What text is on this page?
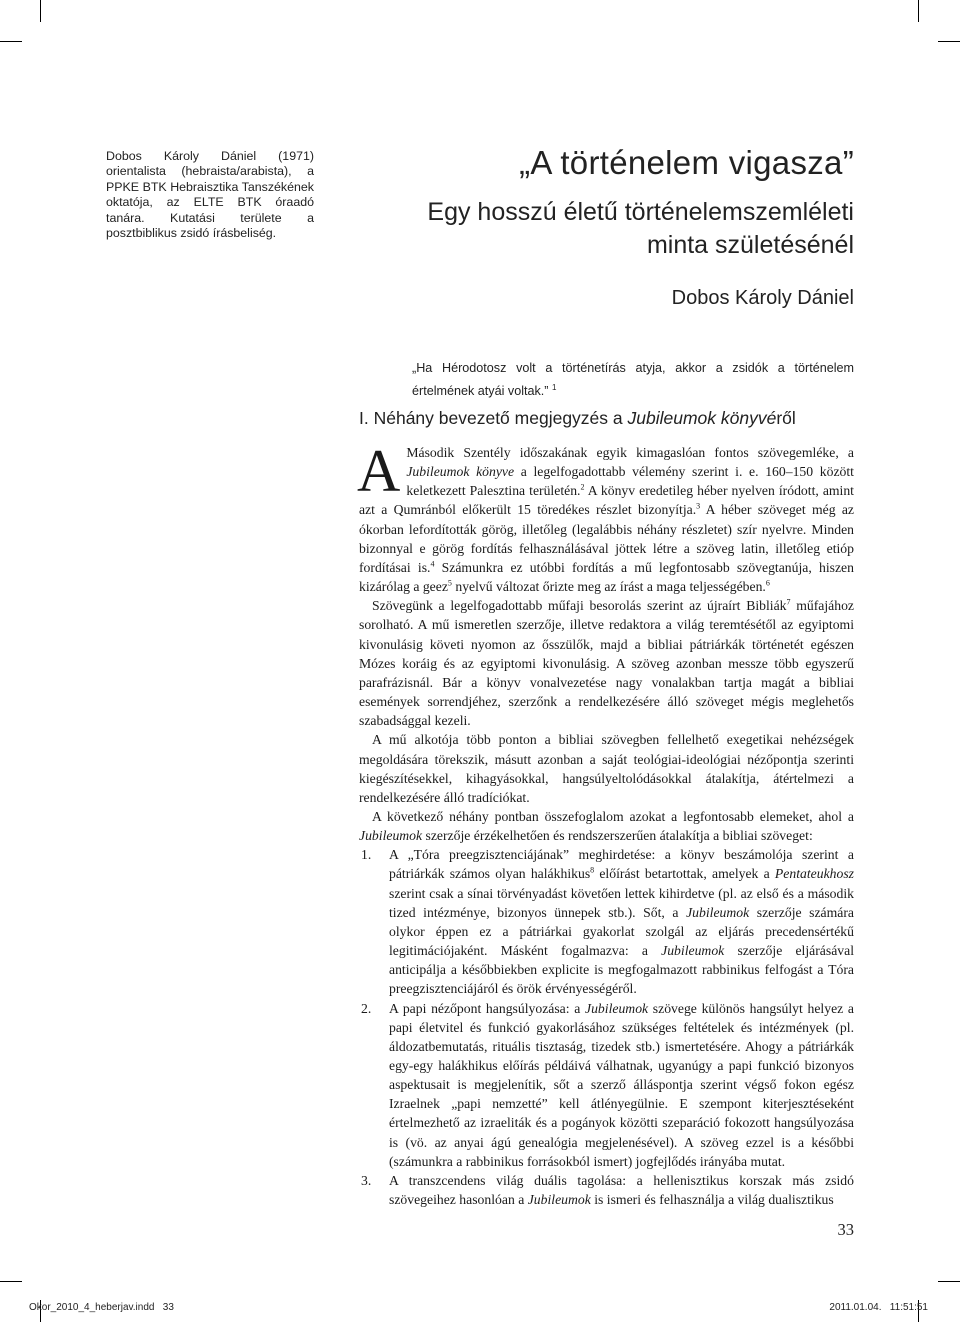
Dobos Károly Dániel (1971) orientalista (hebraista/arabista), a PPKE BTK Hebraisztika Tanszékének oktatója, az ELTE BTK óraadó tanára. Kutatási területe a posztbiblikus zsidó írásbeliség.
„A történelem vigasza”
Egy hosszú életű történelemszemléleti
minta születésénél
Dobos Károly Dániel
„Ha Hérodotosz volt a történetírás atyja, akkor a zsidók a történelem értelmének atyái voltak.” $^1$
I. Néhány bevezető megjegyzés a Jubileumok könyvéről

A Második Szentély időszakának egyik kimagaslóan fontos szövegemléke, a Jubileumok könyve a legelfogadottabb vélemény szerint i. e. 160–150 között keletkezett Palesztina területén.$^2$ A könyv eredetileg héber nyelven íródott, amint azt a Qumránból előkerült 15 töredékes részlet bizonyítja.$^3$ A héber szöveget még az ókorban lefordították görög, illetőleg (legalábbis néhány részletet) szír nyelvre. Minden bizonnyal e görög fordítás felhasználásával jöttek létre a szöveg latin, illetőleg etióp fordításai is.$^4$ Számunkra ez utóbbi fordítás a mű legfontosabb szövegtanúja, hiszen kizárólag a geez$^5$ nyelvű változat őrizte meg az írást a maga teljességében.$^6$

Szövegünk a legelfogadottabb műfaji besorolás szerint az újraírt Bibliák$^7$ műfajához sorolható. A mű ismeretlen szerzője, illetve redaktora a világ teremtésétől az egyiptomi kivonulásig követi nyomon az ősszülők, majd a bibliai pátriárkák történetét egészen Mózes koráig és az egyiptomi kivonulásig. A szöveg azonban messze több egyszerű parafrázisnál. Bár a könyv vonalvezetése nagy vonalakban tartja magát a bibliai események sorrendjéhez, szerzőnk a rendelkezésére álló szöveget mégis meglehetős szabadsággal kezeli.

A mű alkotója több ponton a bibliai szövegben fellelhető exegetikai nehézségek megoldására törekszik, másutt azonban a saját teológiai-ideológiai nézőpontja szerinti kiegészítésekkel, kihagyásokkal, hangsúlyeltolódásokkal átalakítja, átértelmezi a rendelkezésére álló tradíciókat.

A következő néhány pontban összefoglalom azokat a legfontosabb elemeket, ahol a Jubileumok szerzője érzékelhetően és rendszerszerűen átalakítja a bibliai szöveget:

1. A „Tóra preegzisztenciájának” meghirdetése: a könyv beszámolója szerint a pátriárkák számos olyan halákhikus$^8$ előírást betartottak, amelyek a Pentateukhosz szerint csak a sínai törvényadást követően lettek kihirdetve (pl. az első és a második tized intézménye, bizonyos ünnepek stb.). Sőt, a Jubileumok szerzője számára olykor éppen ez a pátriárkai gyakorlat szolgál az eljárás precedensértékű legitimációjaként. Másként fogalmazva: a Jubileumok szerzője eljárásával anticipálja a későbbiekben explicite is megfogalmazott rabbinikus felfogást a Tóra preegzisztenciájáról és örök érvényességéről.
2. A papi nézőpont hangsúlyozása: a Jubileumok szövege különös hangsúlyt helyez a papi életvitel és funkció gyakorlásához szükséges feltételek és intézmények (pl. áldozatbemutatás, rituális tisztaság, tizedek stb.) ismertetésére. Ahogy a pátriárkák egy-egy halákhikus előírás példáivá válhatnak, ugyanúgy a papi funkció bizonyos aspektusait is megjelenítik, sőt a szerző álláspontja szerint végső fokon egész Izraelnek „papi nemzetté” kell átlényegülnie. E szempont kiterjesztéseként értelmezhető az izraeliták és a pogányok közötti szeparáció fokozott hangsúlyozása is (vö. az anyai ágú genealógia megjelenésével). A szöveg ezzel is a későbbi (számunkra a rabbinikus forrásokból ismert) jogfejlődés irányába mutat.
3. A transzcendens világ duális tagolása: a hellenisztikus korszak más zsidó szövegeihez hasonlóan a Jubileumok is ismeri és felhasználja a világ dualisztikus
33
Okor_2010_4_heberjav.indd   33	2011.01.04.   11:51:51
